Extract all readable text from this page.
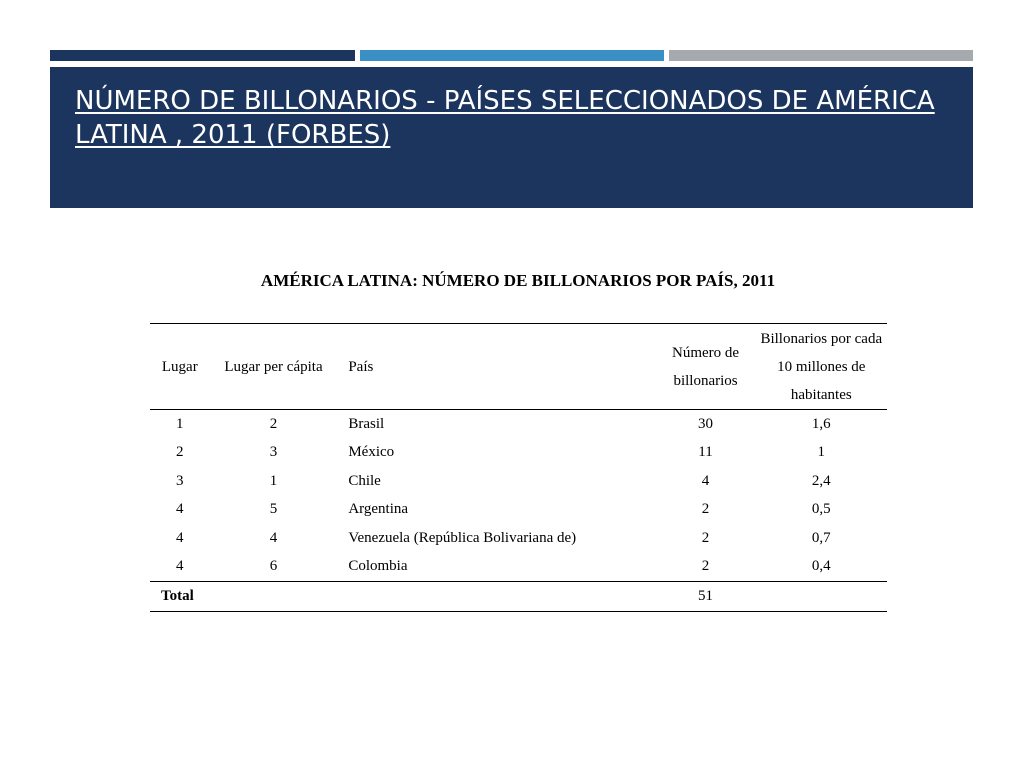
NÚMERO DE BILLONARIOS - PAÍSES SELECCIONADOS DE AMÉRICA LATINA , 2011 (FORBES)
AMÉRICA LATINA: NÚMERO DE BILLONARIOS POR PAÍS, 2011
Lugar	Lugar per cápita	País	Número de billonarios	Billonarios por cada 10 millones de habitantes
1	2	Brasil	30	1,6
2	3	México	11	1
3	1	Chile	4	2,4
4	5	Argentina	2	0,5
4	4	Venezuela (República Bolivariana de)	2	0,7
4	6	Colombia	2	0,4
Total			51	
